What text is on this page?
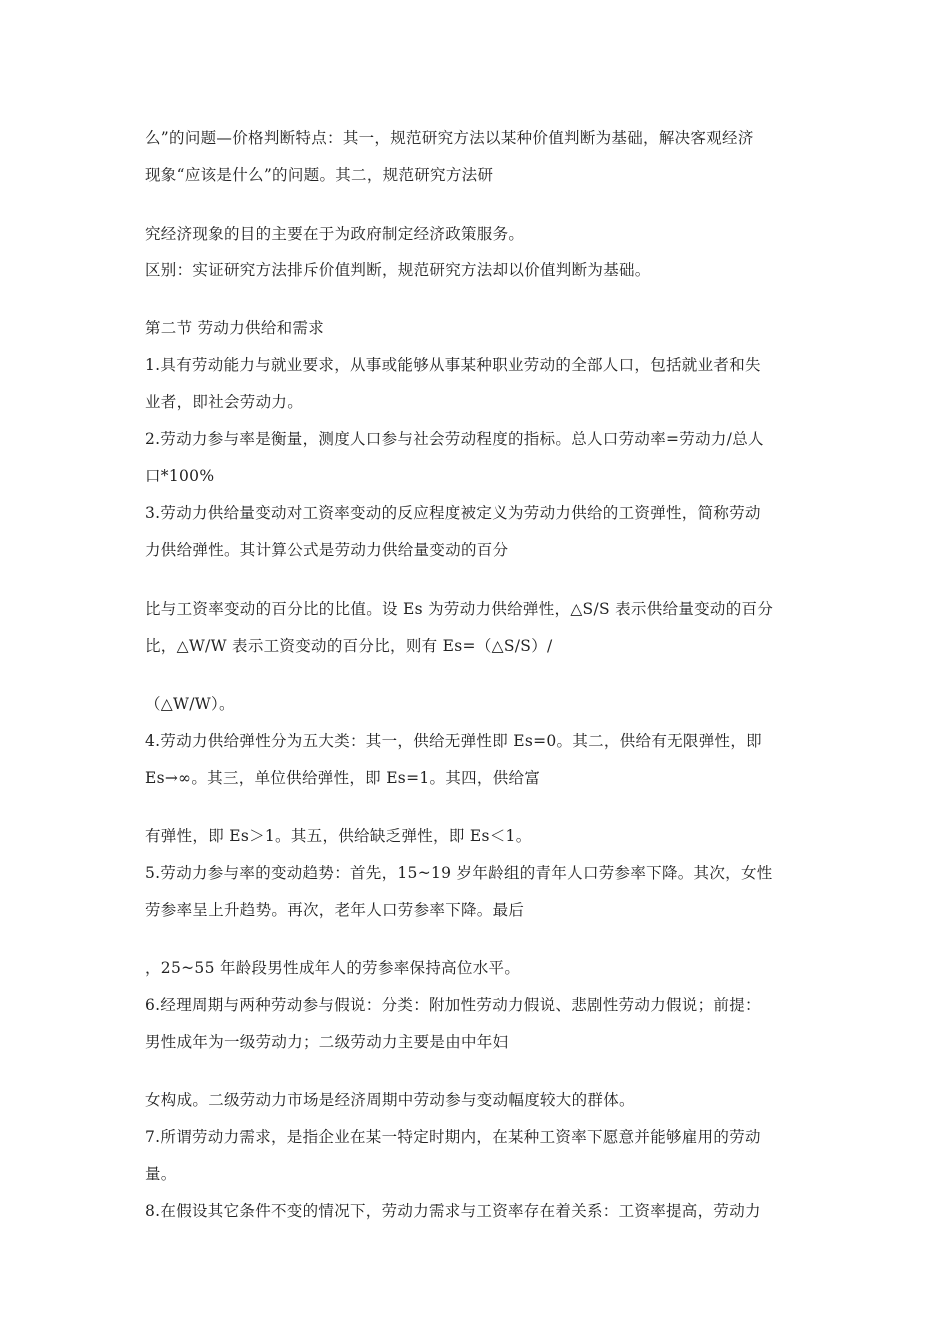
么”的问题—价格判断特点：其一，规范研究方法以某种价值判断为基础，解决客观经济
现象“应该是什么”的问题。其二，规范研究方法研
究经济现象的目的主要在于为政府制定经济政策服务。
区别：实证研究方法排斥价值判断，规范研究方法却以价值判断为基础。
第二节 劳动力供给和需求
1.具有劳动能力与就业要求，从事或能够从事某种职业劳动的全部人口，包括就业者和失
业者，即社会劳动力。
2.劳动力参与率是衡量，测度人口参与社会劳动程度的指标。总人口劳动率=劳动力/总人
口*100%
3.劳动力供给量变动对工资率变动的反应程度被定义为劳动力供给的工资弹性，简称劳动
力供给弹性。其计算公式是劳动力供给量变动的百分
比与工资率变动的百分比的比值。设 Es 为劳动力供给弹性，△S/S 表示供给量变动的百分
比，△W/W 表示工资变动的百分比，则有 Es=（△S/S）/
（△W/W）。
4.劳动力供给弹性分为五大类：其一，供给无弹性即 Es=0。其二，供给有无限弹性，即
Es→∞。其三，单位供给弹性，即 Es=1。其四，供给富
有弹性，即 Es＞1。其五，供给缺乏弹性，即 Es＜1。
5.劳动力参与率的变动趋势：首先，15~19 岁年龄组的青年人口劳参率下降。其次，女性
劳参率呈上升趋势。再次，老年人口劳参率下降。最后
，25~55 年龄段男性成年人的劳参率保持高位水平。
6.经理周期与两种劳动参与假说：分类：附加性劳动力假说、悲剧性劳动力假说；前提：
男性成年为一级劳动力；二级劳动力主要是由中年妇
女构成。二级劳动力市场是经济周期中劳动参与变动幅度较大的群体。
7.所谓劳动力需求，是指企业在某一特定时期内，在某种工资率下愿意并能够雇用的劳动
量。
8.在假设其它条件不变的情况下，劳动力需求与工资率存在着关系：工资率提高，劳动力
